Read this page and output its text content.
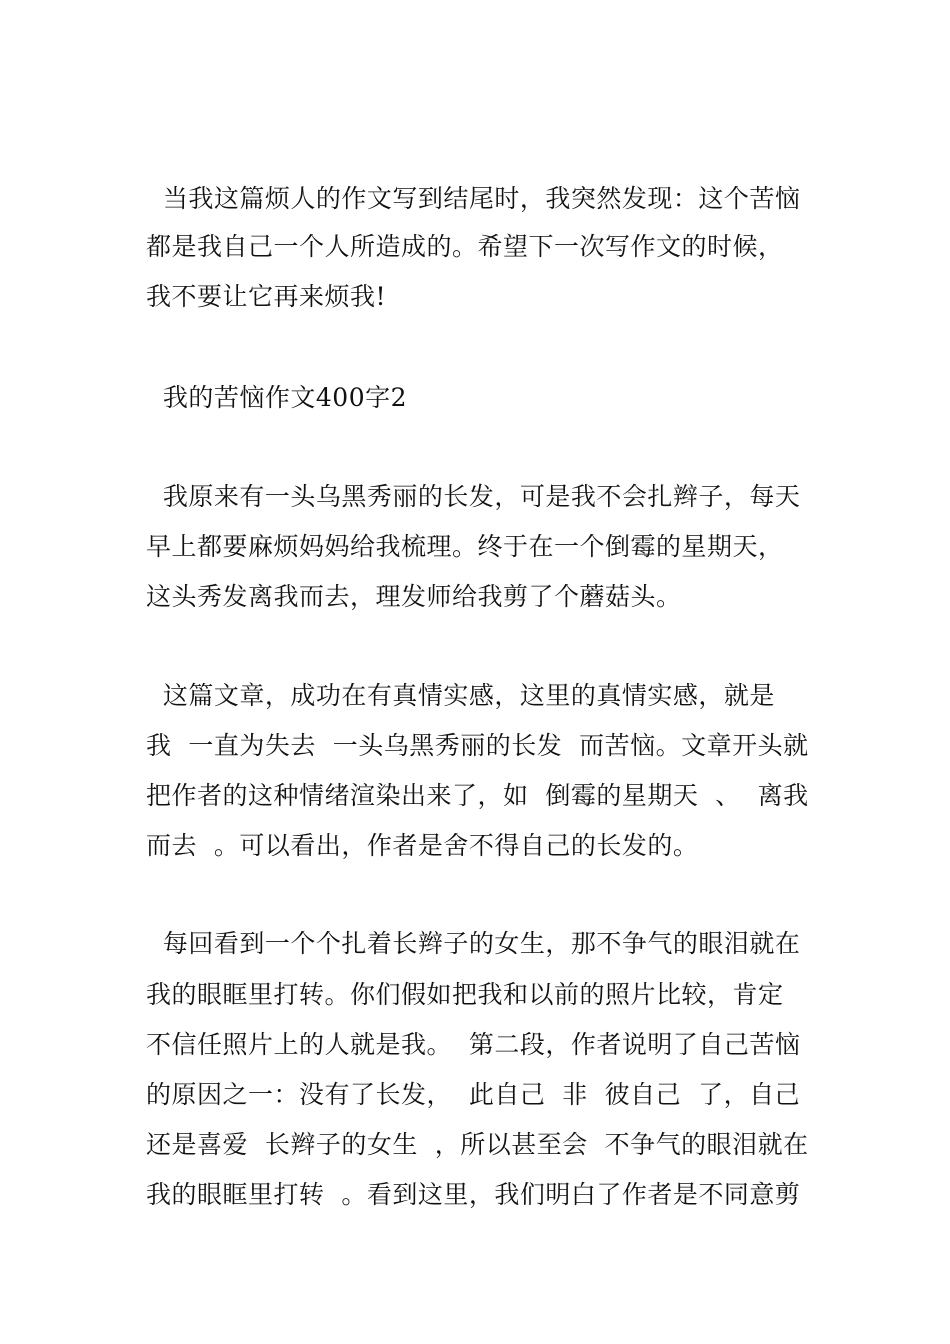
当我这篇烦人的作文写到结尾时，我突然发现：这个苦恼
都是我自己一个人所造成的。希望下一次写作文的时候，
我不要让它再来烦我!
我的苦恼作文400字2
我原来有一头乌黑秀丽的长发，可是我不会扎辫子，每天
早上都要麻烦妈妈给我梳理。终于在一个倒霉的星期天，
这头秀发离我而去，理发师给我剪了个蘑菇头。
这篇文章，成功在有真情实感，这里的真情实感，就是
我  一直为失去  一头乌黑秀丽的长发  而苦恼。文章开头就
把作者的这种情绪渲染出来了，如  倒霉的星期天  、  离我
而去  。可以看出，作者是舍不得自己的长发的。
每回看到一个个扎着长辫子的女生，那不争气的眼泪就在
我的眼眶里打转。你们假如把我和以前的照片比较，肯定
不信任照片上的人就是我。  第二段，作者说明了自己苦恼
的原因之一：没有了长发，  此自己  非  彼自己  了，自己
还是喜爱  长辫子的女生  ，所以甚至会  不争气的眼泪就在
我的眼眶里打转  。看到这里，我们明白了作者是不同意剪
